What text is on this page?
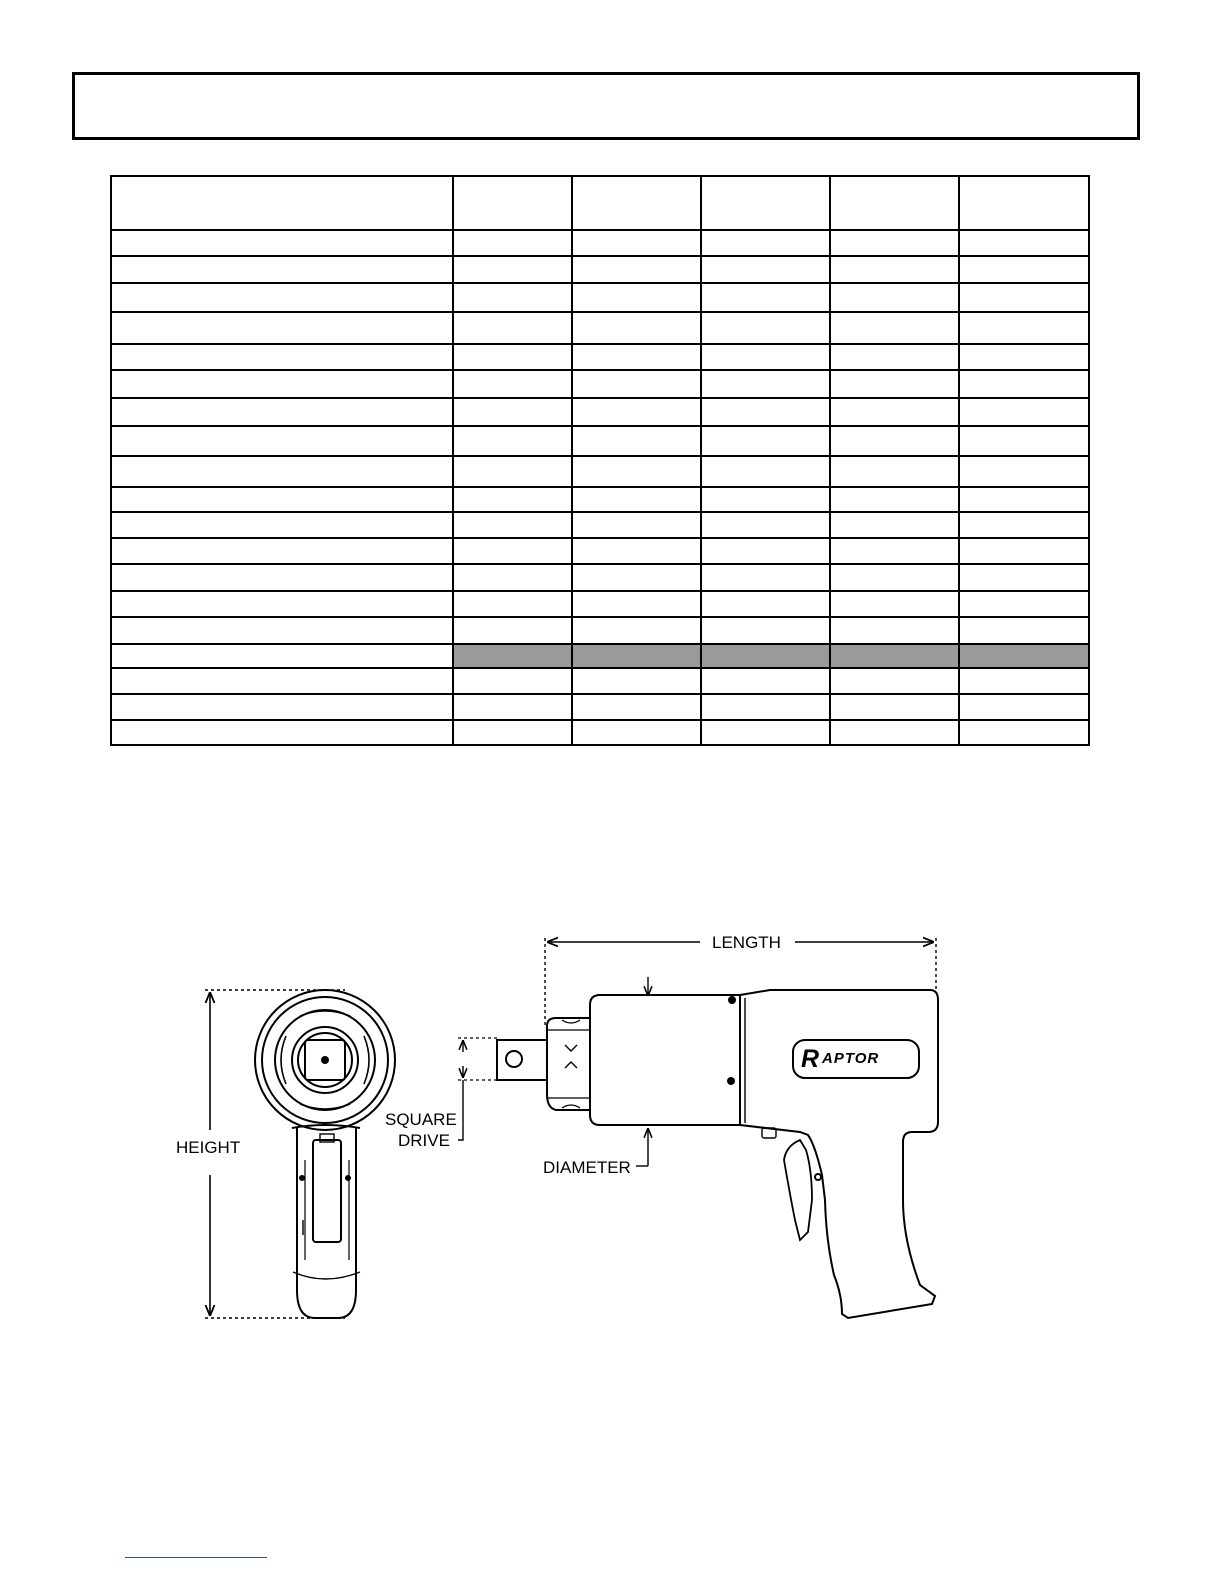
R APTOR
LENGTH
HEIGHT
SQUARE
DRIVE
DIAMETER
